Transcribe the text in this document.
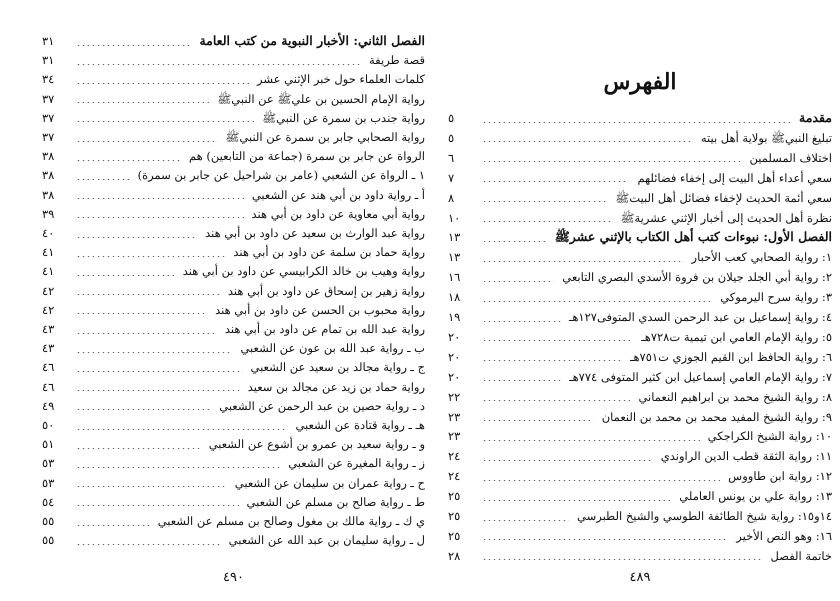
الفهرس
مقدمة
٥
تبليغ النبيﷺ بولاية أهل بيته
٥
اختلاف المسلمين
٦
سعي أعداء أهل البيت إلى إخفاء فضائلهم
٧
سعي أئمة الحديث لإخفاء فضائل أهل البيتﷺ
٨
نظرة أهل الحديث إلى أخبار الإثني عشريةﷺ
١٠
الفصل الأول: نبوءات كتب أهل الكتاب بالإثني عشرﷺ
١٣
١: رواية الصحابي كعب الأحبار
١٣
٢: رواية أبي الجلد جيلان بن فروة الأسدي البصري التابعي
١٦
٣: رواية سرح اليرموكي
١٨
٤: رواية إسماعيل بن عبد الرحمن السدي المتوفى١٢٧هـ
١٩
٥: رواية الإمام العامي ابن تيمية ت٧٢٨هـ
٢٠
٦: رواية الحافظ ابن القيم الجوزي ت٧٥١هـ
٢٠
٧: رواية الإمام العامي إسماعيل ابن كثير المتوفى ٧٧٤هـ
٢٠
٨: رواية الشيخ محمد بن ابراهيم النعماني
٢٢
٩: رواية الشيخ المفيد محمد بن محمد بن النعمان
٢٣
١٠: رواية الشيخ الكراجكي
٢٣
١١: رواية الثقة قطب الدين الراوندي
٢٤
١٢: رواية ابن طاووس
٢٤
١٣: رواية علي بن يونس العاملي
٢٥
١٤و١٥: رواية شيخ الطائفة الطوسي والشيخ الطبرسي
٢٥
١٦: وهو النص الأخير
٢٥
خاتمة الفصل
٢٨
٤٨٩
الفصل الثاني: الأخبار النبوية من كتب العامة
٣١
قصة طريفة
٣١
كلمات العلماء حول خبر الإثني عشر
٣٤
رواية الإمام الحسين بن عليﷺ عن النبيﷺ
٣٧
رواية جندب بن سمرة عن النبيﷺ
٣٧
رواية الصحابي جابر بن سمرة عن النبيﷺ
٣٧
الرواة عن جابر بن سمرة (جماعة من التابعين) هم
٣٨
١ ـ الرواة عن الشعبي (عامر بن شراحيل عن جابر بن سمرة)
٣٨
أ ـ رواية داود بن أبي هند عن الشعبي
٣٨
رواية أبي معاوية عن داود بن أبي هند
٣٩
رواية عبد الوارث بن سعيد عن داود بن أبي هند
٤٠
رواية حماد بن سلمة عن داود بن أبي هند
٤١
رواية وهيب بن خالد الكرابيسي عن داود بن أبي هند
٤١
رواية زهير بن إسحاق عن داود بن أبي هند
٤٢
رواية محبوب بن الحسن عن داود بن أبي هند
٤٢
رواية عبد الله بن تمام عن داود بن أبي هند
٤٣
ب ـ رواية عبد الله بن عون عن الشعبي
٤٣
ج ـ رواية مجالد بن سعيد عن الشعبي
٤٦
رواية حماد بن زيد عن مجالد بن سعيد
٤٦
د ـ رواية حصين بن عبد الرحمن عن الشعبي
٤٩
هـ ـ رواية قتادة عن الشعبي
٥٠
و ـ رواية سعيد بن عمرو بن أشوع عن الشعبي
٥١
ز ـ رواية المغيرة عن الشعبي
٥٣
ح ـ رواية عمران بن سليمان عن الشعبي
٥٣
ط ـ رواية صالح بن مسلم عن الشعبي
٥٤
ي ك ـ رواية مالك بن مغول وصالح بن مسلم عن الشعبي
٥٥
ل ـ رواية سليمان بن عبد الله عن الشعبي
٥٥
٤٩٠
